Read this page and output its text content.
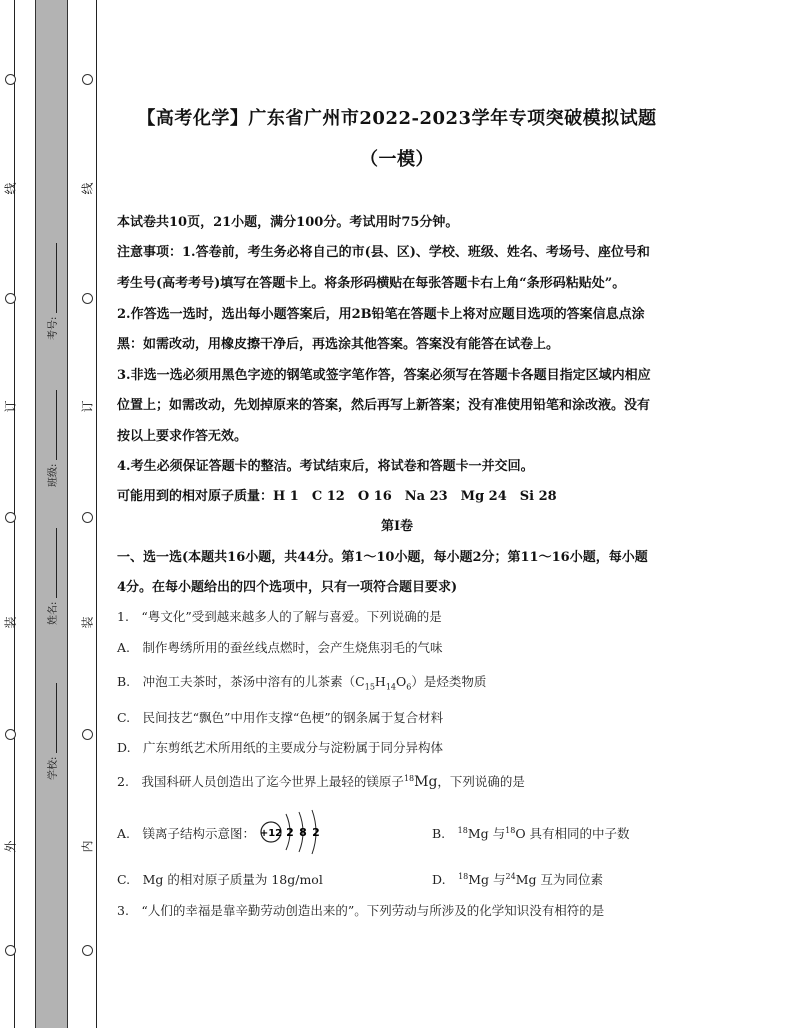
线
订
装
外
线
订
装
内
考号:
班级:
姓名:
学校:
【高考化学】广东省广州市2022-2023学年专项突破模拟试题
（一模）
本试卷共10页，21小题，满分100分。考试用时75分钟。
注意事项：1.答卷前，考生务必将自己的市(县、区)、学校、班级、姓名、考场号、座位号和
考生号(高考考号)填写在答题卡上。将条形码横贴在每张答题卡右上角“条形码粘贴处”。
2.作答选一选时，选出每小题答案后，用2B铅笔在答题卡上将对应题目选项的答案信息点涂
黑：如需改动，用橡皮擦干净后，再选涂其他答案。答案没有能答在试卷上。
3.非选一选必须用黑色字迹的钢笔或签字笔作答，答案必须写在答题卡各题目指定区域内相应
位置上；如需改动，先划掉原来的答案，然后再写上新答案；没有准使用铅笔和涂改液。没有
按以上要求作答无效。
4.考生必须保证答题卡的整洁。考试结束后，将试卷和答题卡一并交回。
可能用到的相对原子质量：H 1　C 12　O 16　Na 23　Mg 24　Si 28
第Ⅰ卷
一、选一选(本题共16小题，共44分。第1～10小题，每小题2分；第11～16小题，每小题
4分。在每小题给出的四个选项中，只有一项符合题目要求)
1.　“粤文化”受到越来越多人的了解与喜爱。下列说确的是
A.　制作粤绣所用的蚕丝线点燃时，会产生烧焦羽毛的气味
B.　冲泡工夫茶时，茶汤中溶有的儿茶素$(C_{15}H_{14}O_6)$是烃类物质
C.　民间技艺“飘色”中用作支撑“色梗”的钢条属于复合材料
D.　广东剪纸艺术所用纸的主要成分与淀粉属于同分异构体
2.　我国科研人员创造出了迄今世界上最轻的镁原子$^{18}$Mg，下列说确的是
A.　镁离子结构示意图： +12 2 8 2	B.　$^{18}$Mg 与$^{18}$O 具有相同的中子数
C.　Mg 的相对原子质量为 18g/mol	D.　$^{18}$Mg 与$^{24}$Mg 互为同位素
3.　“人们的幸福是靠辛勤劳动创造出来的”。下列劳动与所涉及的化学知识没有相符的是
